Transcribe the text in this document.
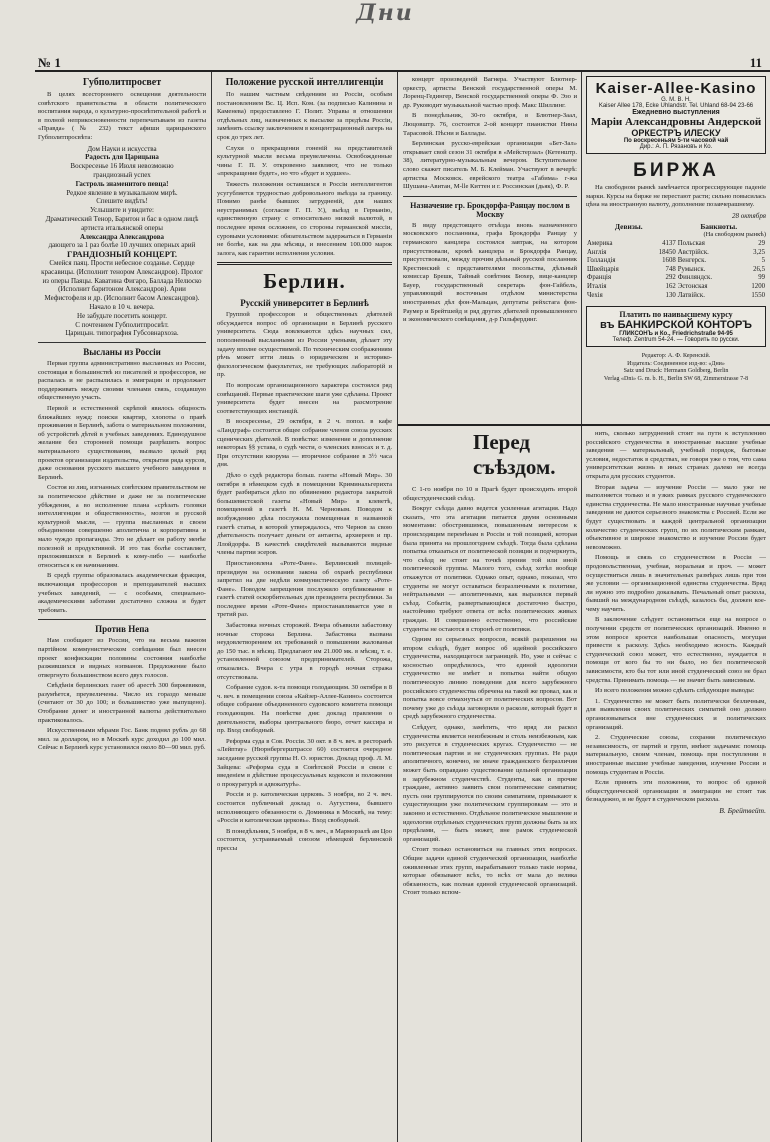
№ 1
Дни
11
Губполитпросвет

В целях всестороннего освещения деятельности совѣтского правительства в области политического воспитания народа, о культурно-просвѣтительной работѣ и в полной неприкосновенности перепечатываем из газеты «Правда» (№ 232) текст афиши царицынского Губполитпросвѣта:

Дом Науки и искусства
Радость для Царицына
Воскресенье 16 Июля невозможно
грандиозный успех
Гастроль знаменитого певца!
Редкое явление в музыкальном мирѣ.
Спешите видѣть!
Услышите и увидите:
Драматический Тенор, Баритон и бас в одном лицѣ артиста итальянской оперы
Александра Александрова
дающего за 1 раз болѣе 10 лучших оперных арий
ГРАНДІОЗНЫЙ КОНЦЕРТ.
Смейся паяц. Прости небесное созданье. Сердце красавицы. (Исполнит тенором Александров). Пролог из оперы Паяцы. Каватина Фигаро, Баллада Нелюско (Исполнит баритоном Александров). Арии Мефистофеля и др. (Исполнит басом Александров).
Начало в 10 ч. вечера.
Не забудьте посетить концерт.
С почтением Губполитпросвѣт.
Царицын. типография Губсовнархоза.
Высланы из Россіи

Первая группа административно высланных из России, состоящая в большинствѣ из писателей и профессоров, не распалась и не распылилась в эмиграции и продолжает поддерживать между своими членами связь, создавшую общественную участь.

Первой и естественной скрѣпой явилось общность ближайших нужд: поиски квартир, хлопоты о правѣ проживания в Берлинѣ, забота о материальном положении, об устройствѣ дѣтей в учебных заведениях. Единодушное желание без сторонней помощи разрѣшить вопрос материального существования, вызвало целый ряд проектов организации издательства, открытия ряда курсов, даже основания русского высшего учебного заведения в Берлинѣ.

Состоя из лиц, изгнанных совѣтским правительством не за политическое дѣйствие и даже не за политические убѣждения, а во исполнение плана «срѣзать головки интеллигенции и общественности», мозгов и русской культурной мысли, — группа высланных в своем объединении совершенно аполитична и корпоративна и мало чуждо пропаганды. Это не дѣлает ея работу менѣе полезной и продуктивной. И это так болѣе составляет, приложившихся в Берлинѣ к кому-либо — наиболѣе относиться к ея начинаниям.

В средѣ группы образовалась академическая фракция, включающая профессоров и преподавателей высших учебных заведений, — с особыми, специально-академическими заботами достаточно сложна и будет требовать.

Против Непа

Нам сообщают из России, что на весьма важном партійном коммунистическом совѣщании был внесен проект конфискации половины состояния наиболѣе разжившихся и видных нэпманов. Предложение было отвергнуто большинством всего двух голосов.

Свѣдѣнія берлинских газет об арестѣ 300 биржевиков, разумѣется, преувеличены. Число их гораздо меньше (считают от 30 до 100; и большинство уже выпущено). Отобрание денег и иностранной валюты действительно практиковалось.

Искусственными мѣрами Гос. Банк поднял рубль до 68 мил. за долларом, но в Москвѣ курс доходил до 100 мил. Сейчас в Берлинѣ курс установился около 80—90 мил. руб.

Положение русской интеллигенціи

По нашим частным свѣдениям из Россіи, особым постановлением Вс. Ц. Исп. Ком. (за подписью Калинина и Каменева) предоставлено Г. Полит. Управы в отношении отдѣльных лиц, назначенных к высылке за предѣлы Россіи, замѣнять ссылку заключением в концентрационный лагерь на срок до трех лет.

Слухи о прекращении гоненій на представителей культурной мысли весьма преувеличены. Освобожденные чины Г. П. У. откровенно заявляют, что не только «прекращение будет», но что «будет и худшее».

Тяжесть положения оставшихся в Россіи интеллигентов усугубляется трудностью добровольного выѣзда за границу. Помимо ранѣе бывших затрудненій, для наших неустранимых (согласие Г. П. У.), выѣзд в Германію, единственную страну с относительно низкой валютой, в последнее время осложнен, со стороны германской миссіи, суровыми условиями: обязательством задержаться в Германіи не болѣе, как на два мѣсяца, и внесением 100.000 марок залога, как гарантии исполнения условия.

Берлин.
Русскій университет в Берлинѣ

Группой профессоров и общественных дѣятелей обсуждается вопрос об организации в Берлинѣ русского университета. Сюда вовлекаются здѣсь научных сил, пополненный высланными из России учеными, дѣлает эту задачу вполне осуществимой. По техническим соображениям рѣчь может итти лишь о юридическом и историко-филологическом факультетах, не требующих лабораторій и пр.

По вопросам организационного характера состоялся ряд совѣщаний. Первые практические шаги уже сдѣланы. Проект университета будет внесен на разсмотрение соответствующих инстанцій.

В воскресенье, 29 октября, в 2 ч. попол. в кафе «Ландграф» состоится общее собрание членов союза русских сценических дѣятелей. В повѣстке: изменение и дополнение некоторых §§ устава, о судѣ чести, о членских взносах и т. д. При отсутствии кворума — вторичное собрание в 3½ часа дня.

Дѣло о судѣ редактора больш. газеты «Новый Мир». 30 октября в нѣмецком судѣ в помещении Криминальгерихта будет разбираться дѣло по обвинению редактора закрытой большевистской газеты «Новый Мир» в клеветѣ, помещенной в газетѣ Н. М. Черновым. Поводом к возбуждению дѣла послужила помещенная в названной газетѣ статья, в которой утверждалось, что Чернов за свою дѣятельность получает деньги от антанты, архиереев и пр. Ллойдорфа. В качествѣ свидѣтелей вызываются видные члены партии эсеров.

Приостановлена «Роте-Фане». Берлинский полицей-президиум на основании закона об охранѣ республики запретил на две недѣли коммунистическую газету «Роте-Фане». Поводом запрещения послужило опубликование в газетѣ статей оскорбительных для президента республики. За последнее время «Роте-Фане» приостанавливается уже в третий раз.

Забастовка ночных сторожей. Вчера объявили забастовку ночные сторожа Берлина. Забастовка вызвана неудовлетворением их требований о повышении жалованья до 150 тыс. в мѣсяц. Предлагают им 21.000 мк. в мѣсяц, т. е. установленной союзом предпринимателей. Сторожа, отказались. Вчера с утра в городѣ ночная стража отсутствовала.

Собрание судов. к-та помощи голодающим. 30 октября в 8 ч. веч. в помещении союза «Кайзер-Аллее-Казино» состоится общее собрание объединенного судовского комитета помощи голодающим. На повѣстке дня: доклад правления о деятельности, выборы центрального бюро, отчет кассира и пр. Вход свободный.

Реформа суда в Сов. Россіи. 30 окт. в 8 ч. веч. в ресторанѣ «Лейптау» (Нюрнбергерштрассе 60) состоится очередное заседание русской группы Н. О. юристов. Доклад проф. Л. М. Зайцева: «Реформа суда в Совѣтской Россіи в связи с введеніем в дѣйствие процессуальных кодексов и положения о прокуратурѣ и адвокатурѣ».

Россія и р. католическая церковь. 3 ноября, во 2 ч. веч. состоится публичный доклад о. Аугустина, бывшего исполняющего обязанности о. Доминика в Москвѣ, на тему: «Россія и католическая церковь». Вход свободный.

В понедѣльник, 5 ноября, в 8 ч. веч., в Марморзалѣ ам Цоо состоится, устраиваемый союзом нѣмецкой берлинской прессы

концерт произведеній Вагнера. Участвуют Блютнер-оркестр, артисты Венской государственной оперы М. Лоренц-Гедингер, Венской государственной оперы Ф. Эзо и др. Руководит музыкальной частью проф. Макс Шиллинг.

В понедѣльник, 30-го октября, в Блютнер-Заал, Люцовштр. 76, состоится 2-ой концерт пианистки Нины Тарасовой. Пѣсни и Баллады.

Берлинская русско-еврейская организация «Бет-Зал» открывает свой сезон 31 октября в «Мейстерзал» (Кетенштр. 38), литературно-музыкальным вечером. Вступительное слово скажет писатель М. Б. Клейман. Участвуют в вечерѣ: артистка Московск. еврейского театра «Габима» г-жа Шушана-Авитан, М-lle Киттен и г. Россинская (дьяк), Ф. Р.

Назначение гр. Брокдорфа-Ранцау послом в Москву

В виду предстоящего отъѣзда вновь назначенного московского посланника, графа Брокдорфа Ранцау у германского канцлера состоялся завтрак, на котором присутствовали, кромѣ канцлера и Брокдорфа Ранцау, присутствовали, между прочим дѣльный русской посланник Крестинский с представителями посольства, дѣльный комиссар Брешк, Тайный совѣтник Бюхер, вице-канцлер Бауер, государственный секретарь фон-Гайбель, управляющий восточным отдѣлом министерства иностранных дѣл фон-Мальцан, депутаты рейхстага фон-Раумер и Брейтшейд и ряд других дѣятелей промышленного и экономического совѣщания, д-р Гильфердинг.

Kaiser-Allee-Kasino
G. M. B. H.
Kaiser Allee 178, Ecke Uhlandstr. Tel. Uhland 68-94 23-66
Ежедневно выступления
Маріи Александровны Андерской
ОРКЕСТРЪ ИЛЕСКУ
По воскресеньям 5-ти часовой чай
Дир.: А. П. Рязановъ и Ко.
БИРЖА

На свободном рынкѣ замѣчается прогрессирующее паденіе марки. Курсы на бирже не перестают расти; сильно повысилась цѣна на иностранную валюту, дополнение позавчерашнему.

28 октября
Девизы.	Банкноты.
(На свободном рынкѣ)
Америка	4137	Польская	29
Англія	18450	Австрійск.	3,25
Голландія	1608	Венгерск.	5
Швейцарія	748	Румынск.	26,5
Франція	292	Финляндск.	99
Италія	162	Эстонская	1200
Чехія	130	Латвійск.	1550
Платить по наивысшему курсу
въ БАНКИРСКОЙ КОНТОРЪ
ГЛИКСОНЪ и Ко., Friedrichstraße 94-95
Телеф. Zentrum 54-24. — Говорить по русски.
Редактор: А. Ф. Керенскій.
Издатель: Соединенное изд-во: «Дни»
Satz und Druck: Hermann Goldberg, Berlin
Verlag «Dni» G. m. b. H., Berlin SW 68, Zimmerstrasse 7-8
Перед съѣздом.

С 1-го ноября по 10 в Прагѣ будет происходить второй общестуденческий съѣзд.

Вокруг съѣзда давно ведется усиленная агитация. Надо сказать, что эта агитация питается двумя основными моментами: обострившимся, повышенным интересом к происходящим перемѣнам в Россіи и той позицией, которая была принята на прошлогоднем съѣздѣ. Тогда была сдѣлана попытка отказаться от политической позиции и подчеркнуть, что съѣзд не стоит на точкѣ зрения той или иной политической группы. Малого того, съѣзд хотѣл вообще откажутся от политики. Однако опыт, однако, показал, что студенты не могут оставаться безразличными к политике, нейтральными — аполитичными, как выразился первый съѣзд. Событія, развертывающіяся достаточно быстро, настойчиво требуют ответа от всѣх политических живых граждан. И совершенно естественно, что российские студенты не остаются в сторонѣ от политики.

Одним из серьезных вопросов, всякій разрешения на втором съѣздѣ, будет вопрос об идейной российского студенчества, находящегося заграницей. Но, уже и сейчас с косностью опредѣлилось, что единой идеологии студенчество не имѣет и попытка найти общую политическую линию поведения для всего зарубежного российского студенчества обречена на такой же провал, как и попытка вовсе отмахнуться от политических вопросов. Вот почему уже до съѣзда заговорили о расколе, который будет в средѣ зарубежного студенчества.

Слѣдует, однако, замѣтить, что вряд ли раскол студенчества является неизбежным и столь неизбежным, как это рисуется в студенческих кругах. Студенчество — не политическая партия и не студенческих группах. Не ради аполитичного, конечно, не иначе гражданского безразличия может быть оправдано существование цельной организации в зарубежном студенчествѣ. Студенты, как и прочие граждане, активно заявить свои политические симпатии; пусть они группируются по своим симпатиям, примыкают к существующим уже политическим группировкам — это и законно и естественно. Отдѣльное политическое мышление и идеология отдѣльных студенческих групп должны быть за их предѣлами, — быть может, вне рамок студенческой организаций.

Стоит только остановиться на главных этих вопросах. Общие задачи единой студенческой организации, наиболѣе оживленные этих групп, вырабатывают только такіе нормы, которые обязывают всѣх, то всѣх от мала до велика обязанность, как полная единой студенческой организаций. Стоит только вспом-

нить, сколько затруднений стоит на пути к вступлению российского студенчества в иностранные высшие учебные заведения — материальный, учебный порядок, бытовые условия, недостаток в средствах, не говоря уже о том, что сама университетская жизнь в иных странах далеко не всегда открыта для русских студентов.

Вторая задача — изучение Россіи — мало уже не выполняется только и в узких рамках русского студенческого единства студенчества. Не мало иностранные научные учебные заведения не даются серьезного знакомства с Россией. Если же будут существовать в каждой центральной организации количество студенческих групп, по их политическим рамкам, объективное и широкое знакомство и изучение России будет невозможно.

Помощь и связь со студенчеством в Россіи — продовольственная, учебная, моральная и проч. — может осуществиться лишь в значительных размѣрах лишь при том же условии — организационной единства студенчества. Вряд ли нужно это подробно доказывать. Печальный опыт раскола, бывший на международном съѣздѣ, казалось бы, должен кое-чему научить.

В заключение слѣдует остановиться еще на вопросе о получении средств от политических организаций. Именно в этом вопросе кроется наибольшая опасность, могущая привести к расколу. Здѣсь необходимо ясность. Каждый студенческий союз может, что естественно, нуждается в помощи от кого бы то ни было, но без политической зависимости, кто бы тот или иной студенческий союз не брал средства. Принимать помощь — не значит быть зависимым.

Из всего положения можно сдѣлать слѣдующие выводы:

1. Студенчество не может быть политически безличным, для выявления своих политических симпатий оно должно организовываться вне студенческих и политических организаций.

2. Студенческие союзы, сохраняя политическую независимость, от партий и групп, имѣют задачами: помощь материальную, своим членам, помощь при поступлении в иностранные высшие учебные заведения, изучение России и помощь студентам в Россіи.

Если принять эти положения, то вопрос об единой общестуденческой организации в эмиграции не стоит так безнадежно, и не будет в студенческом раскола.

В. Брейтвейт.
